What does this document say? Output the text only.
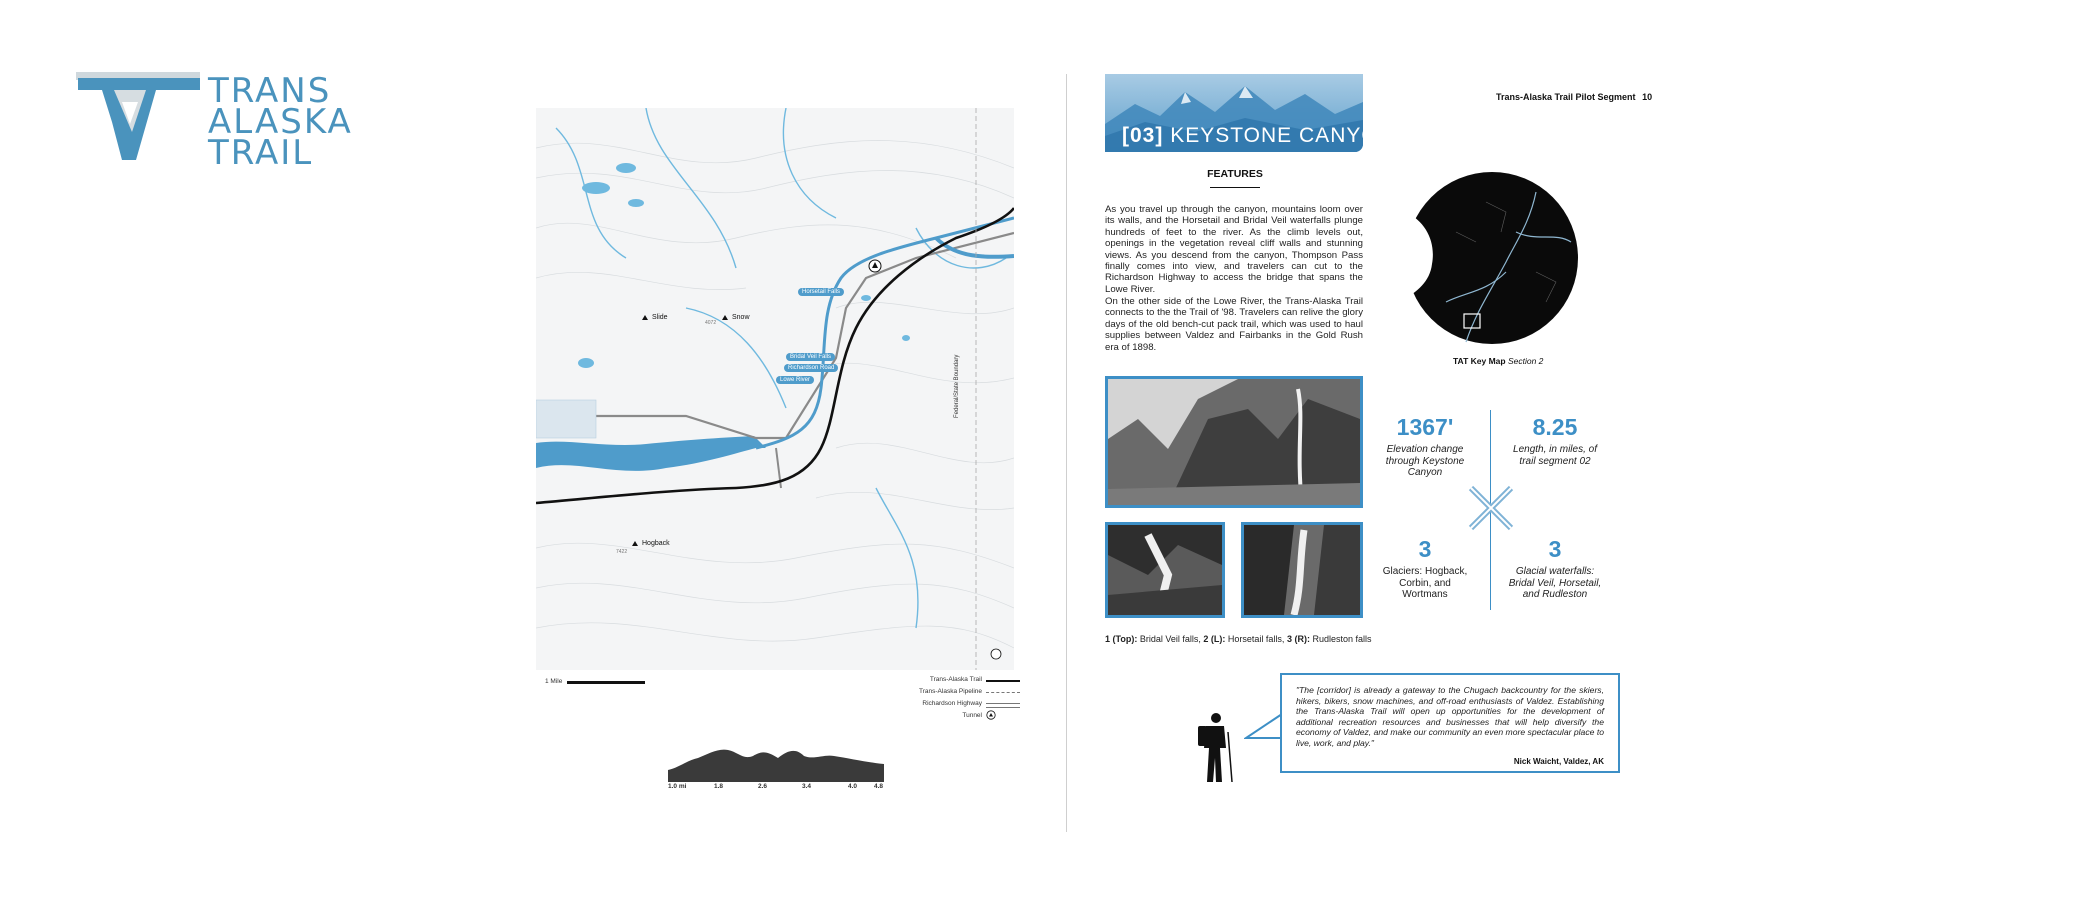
TRANS
ALASKA
TRAIL
Horsetail Falls
Bridal Veil Falls
Richardson Road
Lowe River
Slide	Snow
4072
7422
Hogback
Federal/State Boundary
1 Mile	Trans-Alaska Trail
Trans-Alaska Pipeline
Richardson Highway
Tunnel
1.0 mi	1.8	2.6	3.4	4.0	4.8
[03] KEYSTONE CANYON
Trans-Alaska Trail Pilot Segment 10
FEATURES
As you travel up through the canyon, mountains loom over its walls, and the Horsetail and Bridal Veil waterfalls plunge hundreds of feet to the river. As the climb levels out, openings in the vegetation reveal cliff walls and stunning views. As you descend from the canyon, Thompson Pass finally comes into view, and travelers can cut to the Richardson Highway to access the bridge that spans the Lowe River.
On the other side of the Lowe River, the Trans-Alaska Trail connects to the the Trail of '98. Travelers can relive the glory days of the old bench-cut pack trail, which was used to haul supplies between Valdez and Fairbanks in the Gold Rush era of 1898.
TAT Key Map Section 2
1 (Top): Bridal Veil falls, 2 (L): Horsetail falls, 3 (R): Rudleston falls
1367'
Elevation change through Keystone Canyon
8.25
Length, in miles, of trail segment 02
3
Glaciers: Hogback, Corbin, and Wortmans
3
Glacial waterfalls: Bridal Veil, Horsetail, and Rudleston
"The [corridor] is already a gateway to the Chugach backcountry for the skiers, hikers, bikers, snow machines, and off-road enthusiasts of Valdez. Establishing the Trans-Alaska Trail will open up opportunities for the development of additional recreation resources and businesses that will help diversify the economy of Valdez, and make our community an even more spectacular place to live, work, and play."
Nick Waicht, Valdez, AK
